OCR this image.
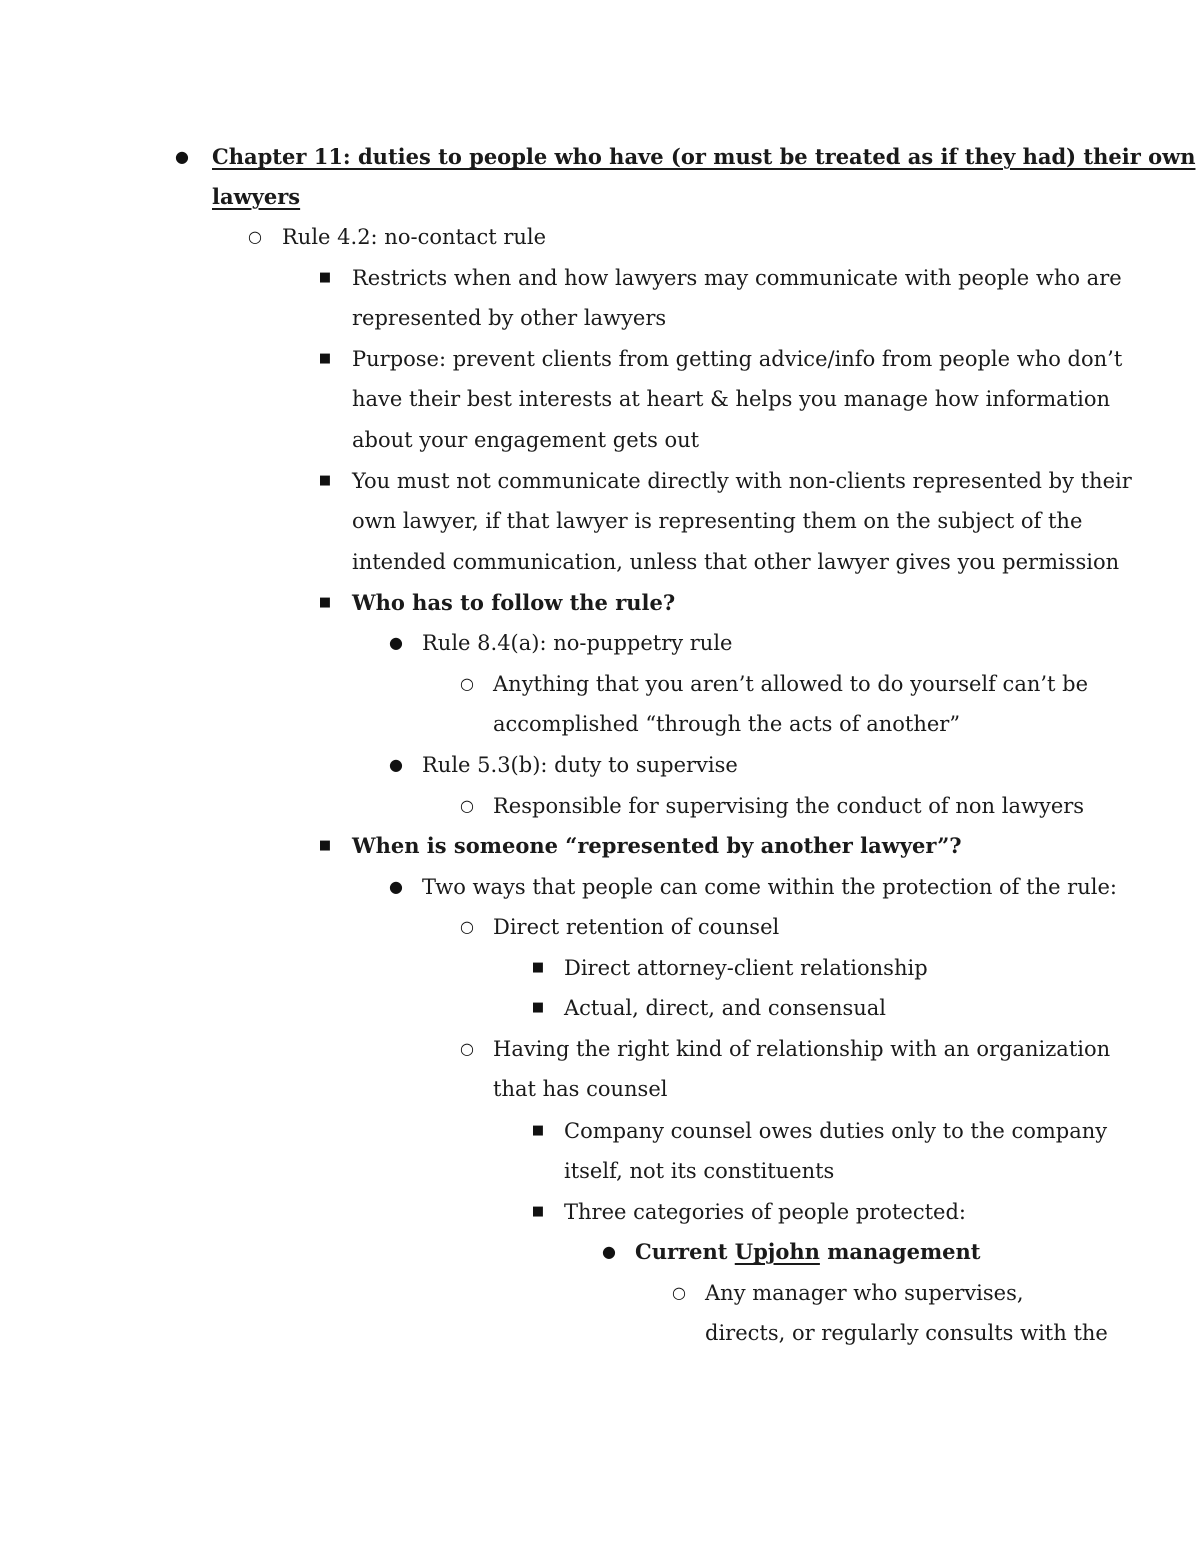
● Chapter 11: duties to people who have (or must be treated as if they had) their own
lawyers
○ Rule 4.2: no-contact rule
■ Restricts when and how lawyers may communicate with people who are
represented by other lawyers
■ Purpose: prevent clients from getting advice/info from people who don’t
have their best interests at heart & helps you manage how information
about your engagement gets out
■ You must not communicate directly with non-clients represented by their
own lawyer, if that lawyer is representing them on the subject of the
intended communication, unless that other lawyer gives you permission
■ Who has to follow the rule?
● Rule 8.4(a): no-puppetry rule
○ Anything that you aren’t allowed to do yourself can’t be
accomplished “through the acts of another”
● Rule 5.3(b): duty to supervise
○ Responsible for supervising the conduct of non lawyers
■ When is someone “represented by another lawyer”?
● Two ways that people can come within the protection of the rule:
○ Direct retention of counsel
■ Direct attorney-client relationship
■ Actual, direct, and consensual
○ Having the right kind of relationship with an organization
that has counsel
■ Company counsel owes duties only to the company
itself, not its constituents
■ Three categories of people protected:
● Current Upjohn management
○ Any manager who supervises,
directs, or regularly consults with the
